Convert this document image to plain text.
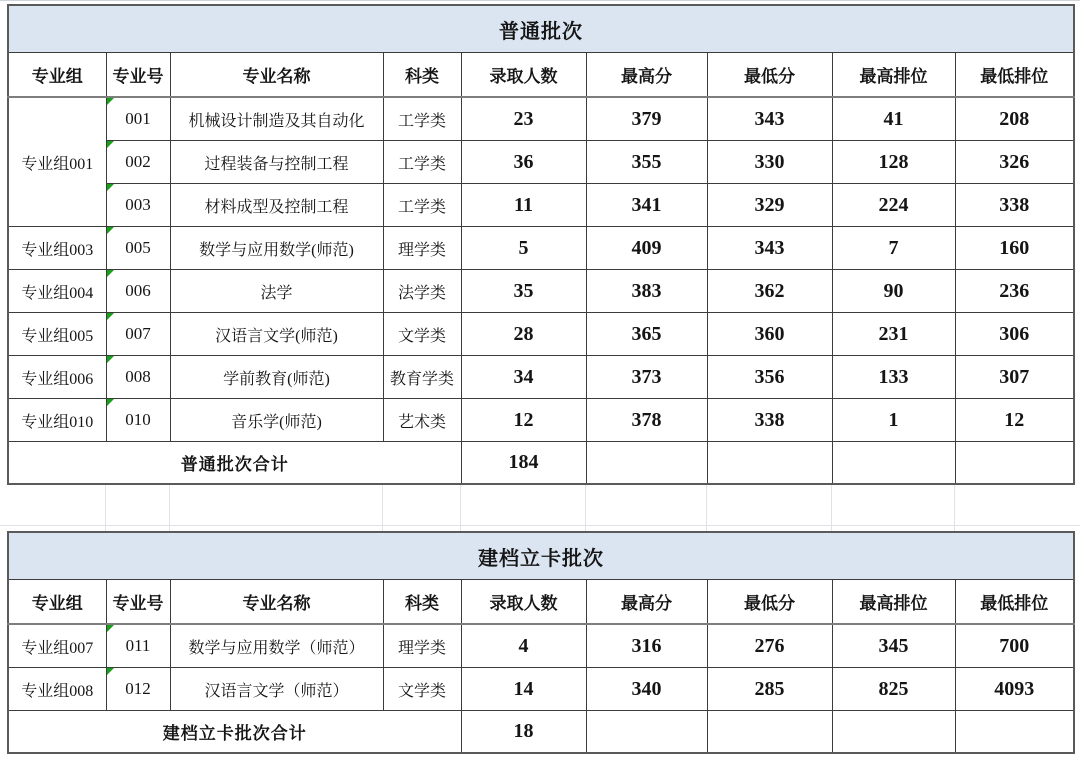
普通批次								
专业组	专业号	专业名称	科类	录取人数	最高分	最低分	最高排位	最低排位
专业组001	001	机械设计制造及其自动化	工学类	23	379	343	41	208

002	过程装备与控制工程	工学类	36	355	330	128	326

003	材料成型及控制工程	工学类	11	341	329	224	338
专业组003	005	数学与应用数学(师范)	理学类	5	409	343	7	160
专业组004	006	法学	法学类	35	383	362	90	236
专业组005	007	汉语言文学(师范)	文学类	28	365	360	231	306
专业组006	008	学前教育(师范)	教育学类	34	373	356	133	307
专业组010	010	音乐学(师范)	艺术类	12	378	338	1	12
普通批次合计				184				
建档立卡批次								
专业组	专业号	专业名称	科类	录取人数	最高分	最低分	最高排位	最低排位
专业组007	011	数学与应用数学（师范）	理学类	4	316	276	345	700
专业组008	012	汉语言文学（师范）	文学类	14	340	285	825	4093
建档立卡批次合计				18				
